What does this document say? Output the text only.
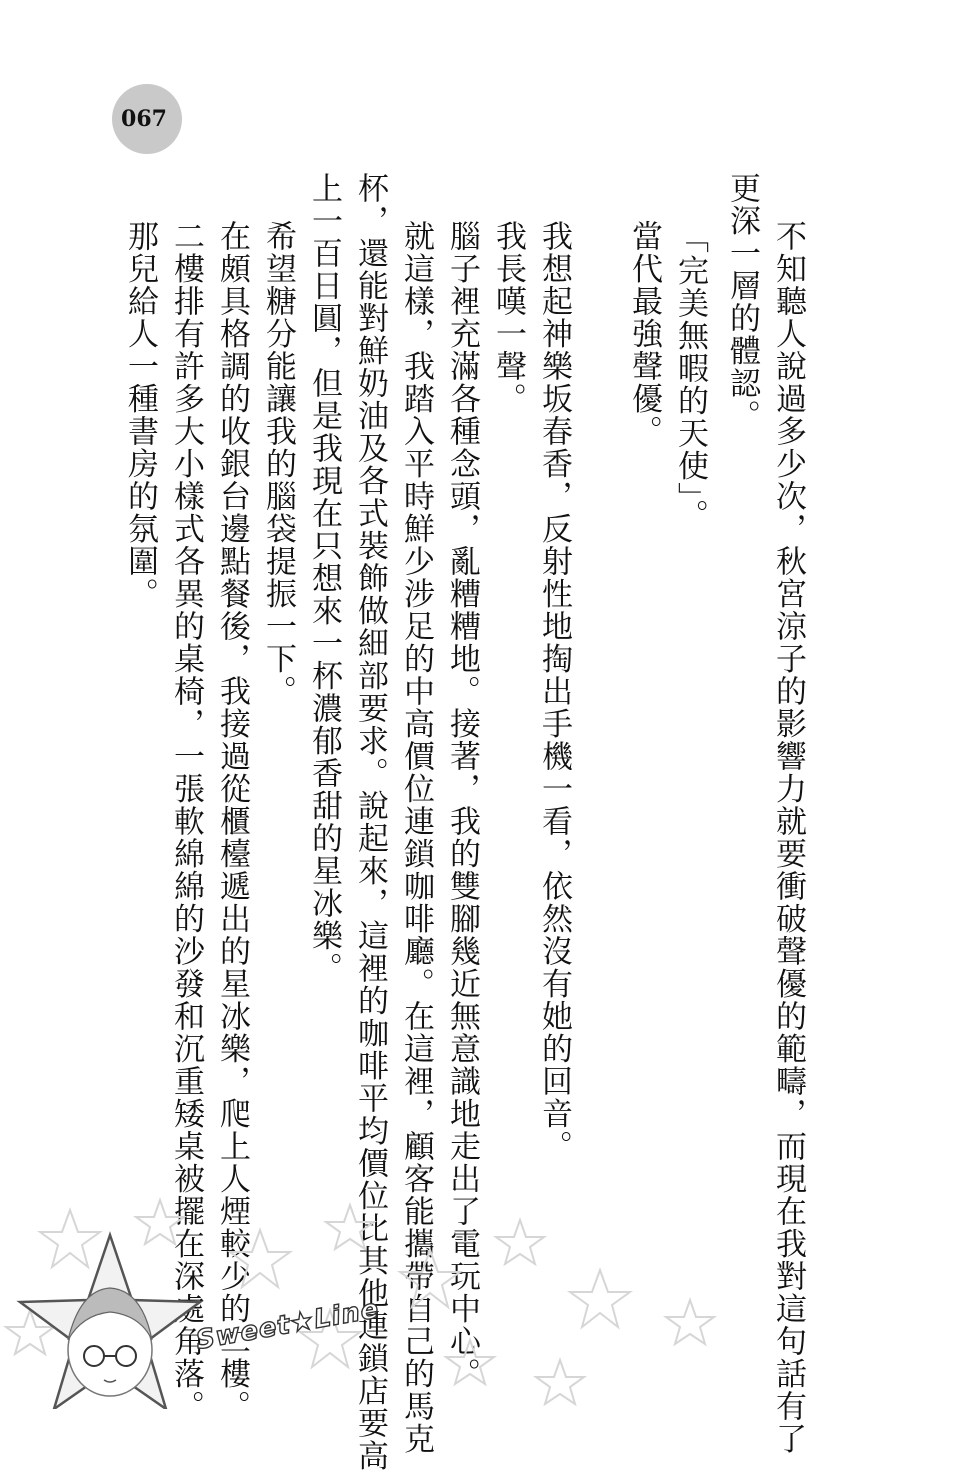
067
不知聽人說過多少次，秋宮涼子的影響力就要衝破聲優的範疇，而現在我對這句話有了
更深一層的體認。
「完美無暇的天使」。
當代最強聲優。
我想起神樂坂春香，反射性地掏出手機一看，依然沒有她的回音。
我長嘆一聲。
腦子裡充滿各種念頭，亂糟糟地。接著，我的雙腳幾近無意識地走出了電玩中心。
就這樣，我踏入平時鮮少涉足的中高價位連鎖咖啡廳。在這裡，顧客能攜帶自己的馬克
杯，還能對鮮奶油及各式裝飾做細部要求。說起來，這裡的咖啡平均價位比其他連鎖店要高
上一百日圓，但是我現在只想來一杯濃郁香甜的星冰樂。
希望糖分能讓我的腦袋提振一下。
在頗具格調的收銀台邊點餐後，我接過從櫃檯遞出的星冰樂，爬上人煙較少的二樓。
二樓排有許多大小樣式各異的桌椅，一張軟綿綿的沙發和沉重矮桌被擺在深處角落。
那兒給人一種書房的氛圍。
Sweet★Line
